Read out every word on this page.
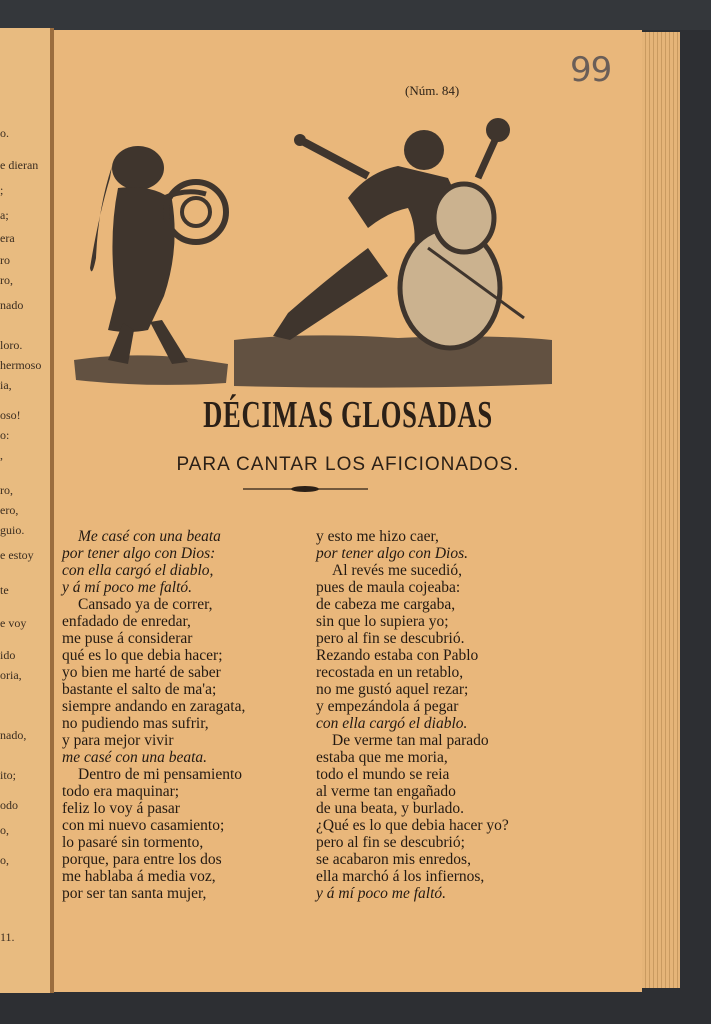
o.
e dieran
;
a;
era
ro
ro,
nado
loro.
hermoso
ia,
oso!
o:
,
ro,
ero,
guio.
e estoy
te
e voy
ido
oria,
nado,
ito;
odo
o,
o,
11.
99
(Núm. 84)
DÉCIMAS GLOSADAS
PARA CANTAR LOS AFICIONADOS.
Me casé con una beata
por tener algo con Dios:
con ella cargó el diablo,
y á mí poco me faltó.
Cansado ya de correr,
enfadado de enredar,
me puse á considerar
qué es lo que debia hacer;
yo bien me harté de saber
bastante el salto de ma'a;
siempre andando en zaragata,
no pudiendo mas sufrir,
y para mejor vivir
me casé con una beata.
Dentro de mi pensamiento
todo era maquinar;
feliz lo voy á pasar
con mi nuevo casamiento;
lo pasaré sin tormento,
porque, para entre los dos
me hablaba á media voz,
por ser tan santa mujer,
y esto me hizo caer,
por tener algo con Dios.
Al revés me sucedió,
pues de maula cojeaba:
de cabeza me cargaba,
sin que lo supiera yo;
pero al fin se descubrió.
Rezando estaba con Pablo
recostada en un retablo,
no me gustó aquel rezar;
y empezándola á pegar
con ella cargó el diablo.
De verme tan mal parado
estaba que me moria,
todo el mundo se reia
al verme tan engañado
de una beata, y burlado.
¿Qué es lo que debia hacer yo?
pero al fin se descubrió;
se acabaron mis enredos,
ella marchó á los infiernos,
y á mí poco me faltó.
